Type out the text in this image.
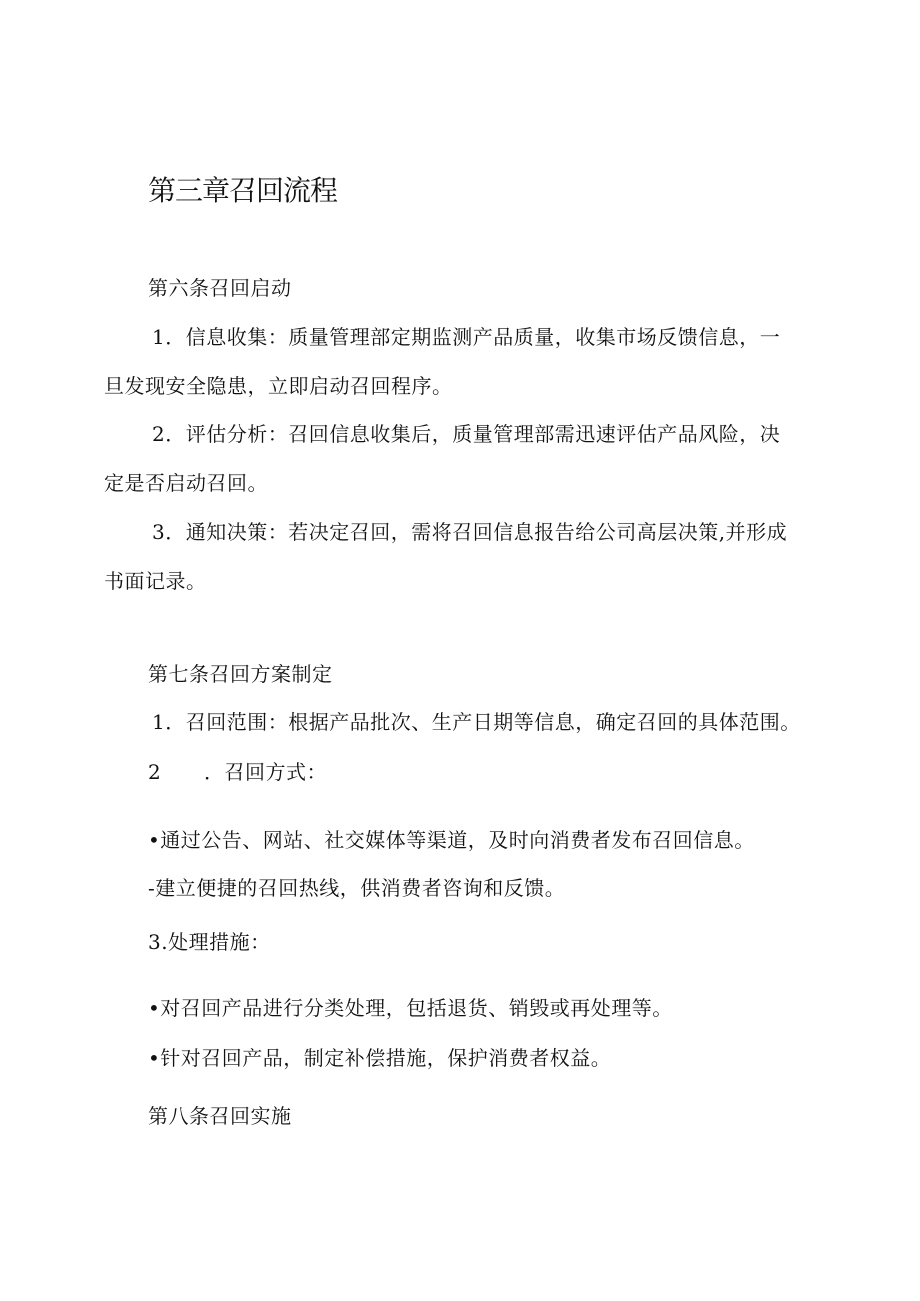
第三章召回流程
第六条召回启动
1．信息收集：质量管理部定期监测产品质量，收集市场反馈信息，一
旦发现安全隐患，立即启动召回程序。
2．评估分析：召回信息收集后，质量管理部需迅速评估产品风险，决
定是否启动召回。
3．通知决策：若决定召回，需将召回信息报告给公司高层决策,并形成
书面记录。
第七条召回方案制定
1．召回范围：根据产品批次、生产日期等信息，确定召回的具体范围。
2 ．召回方式：
•通过公告、网站、社交媒体等渠道，及时向消费者发布召回信息。
-建立便捷的召回热线，供消费者咨询和反馈。
3.处理措施：
•对召回产品进行分类处理，包括退货、销毁或再处理等。
•针对召回产品，制定补偿措施，保护消费者权益。
第八条召回实施
